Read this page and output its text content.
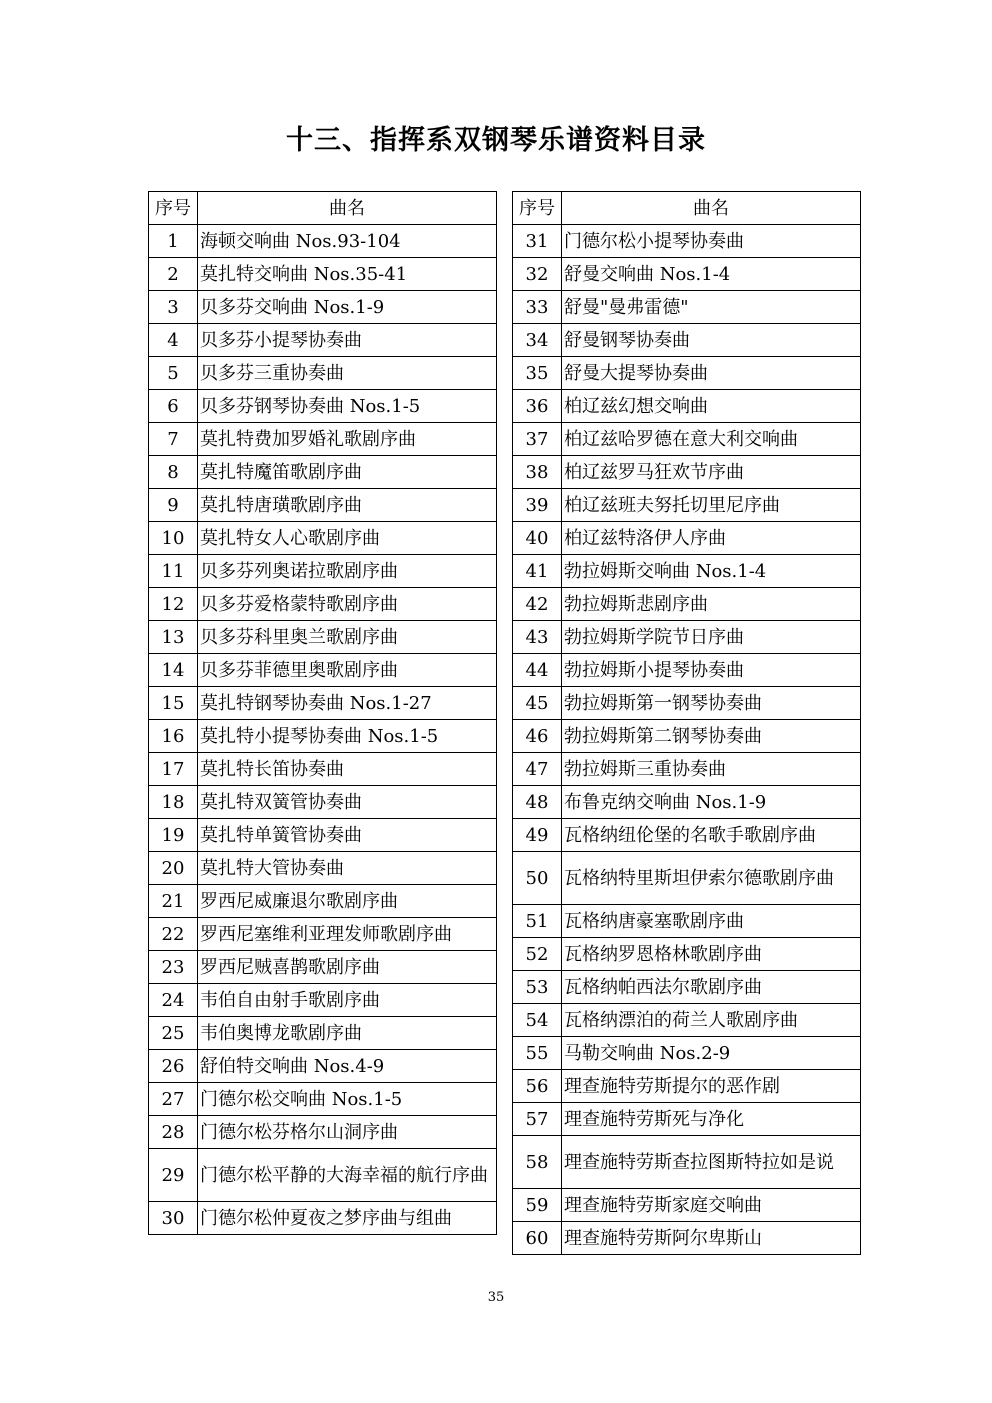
十三、指挥系双钢琴乐谱资料目录
序号	曲名
1	海顿交响曲 Nos.93-104
2	莫扎特交响曲 Nos.35-41
3	贝多芬交响曲 Nos.1-9
4	贝多芬小提琴协奏曲
5	贝多芬三重协奏曲
6	贝多芬钢琴协奏曲 Nos.1-5
7	莫扎特费加罗婚礼歌剧序曲
8	莫扎特魔笛歌剧序曲
9	莫扎特唐璜歌剧序曲
10	莫扎特女人心歌剧序曲
11	贝多芬列奥诺拉歌剧序曲
12	贝多芬爱格蒙特歌剧序曲
13	贝多芬科里奥兰歌剧序曲
14	贝多芬菲德里奥歌剧序曲
15	莫扎特钢琴协奏曲 Nos.1-27
16	莫扎特小提琴协奏曲 Nos.1-5
17	莫扎特长笛协奏曲
18	莫扎特双簧管协奏曲
19	莫扎特单簧管协奏曲
20	莫扎特大管协奏曲
21	罗西尼威廉退尔歌剧序曲
22	罗西尼塞维利亚理发师歌剧序曲
23	罗西尼贼喜鹊歌剧序曲
24	韦伯自由射手歌剧序曲
25	韦伯奥博龙歌剧序曲
26	舒伯特交响曲 Nos.4-9
27	门德尔松交响曲 Nos.1-5
28	门德尔松芬格尔山洞序曲
29	门德尔松平静的大海幸福的航行序曲
30	门德尔松仲夏夜之梦序曲与组曲
序号	曲名
31	门德尔松小提琴协奏曲
32	舒曼交响曲 Nos.1-4
33	舒曼"曼弗雷德"
34	舒曼钢琴协奏曲
35	舒曼大提琴协奏曲
36	柏辽兹幻想交响曲
37	柏辽兹哈罗德在意大利交响曲
38	柏辽兹罗马狂欢节序曲
39	柏辽兹班夫努托切里尼序曲
40	柏辽兹特洛伊人序曲
41	勃拉姆斯交响曲 Nos.1-4
42	勃拉姆斯悲剧序曲
43	勃拉姆斯学院节日序曲
44	勃拉姆斯小提琴协奏曲
45	勃拉姆斯第一钢琴协奏曲
46	勃拉姆斯第二钢琴协奏曲
47	勃拉姆斯三重协奏曲
48	布鲁克纳交响曲 Nos.1-9
49	瓦格纳纽伦堡的名歌手歌剧序曲
50	瓦格纳特里斯坦伊索尔德歌剧序曲
51	瓦格纳唐豪塞歌剧序曲
52	瓦格纳罗恩格林歌剧序曲
53	瓦格纳帕西法尔歌剧序曲
54	瓦格纳漂泊的荷兰人歌剧序曲
55	马勒交响曲 Nos.2-9
56	理查施特劳斯提尔的恶作剧
57	理查施特劳斯死与净化
58	理查施特劳斯查拉图斯特拉如是说
59	理查施特劳斯家庭交响曲
60	理查施特劳斯阿尔卑斯山
35
